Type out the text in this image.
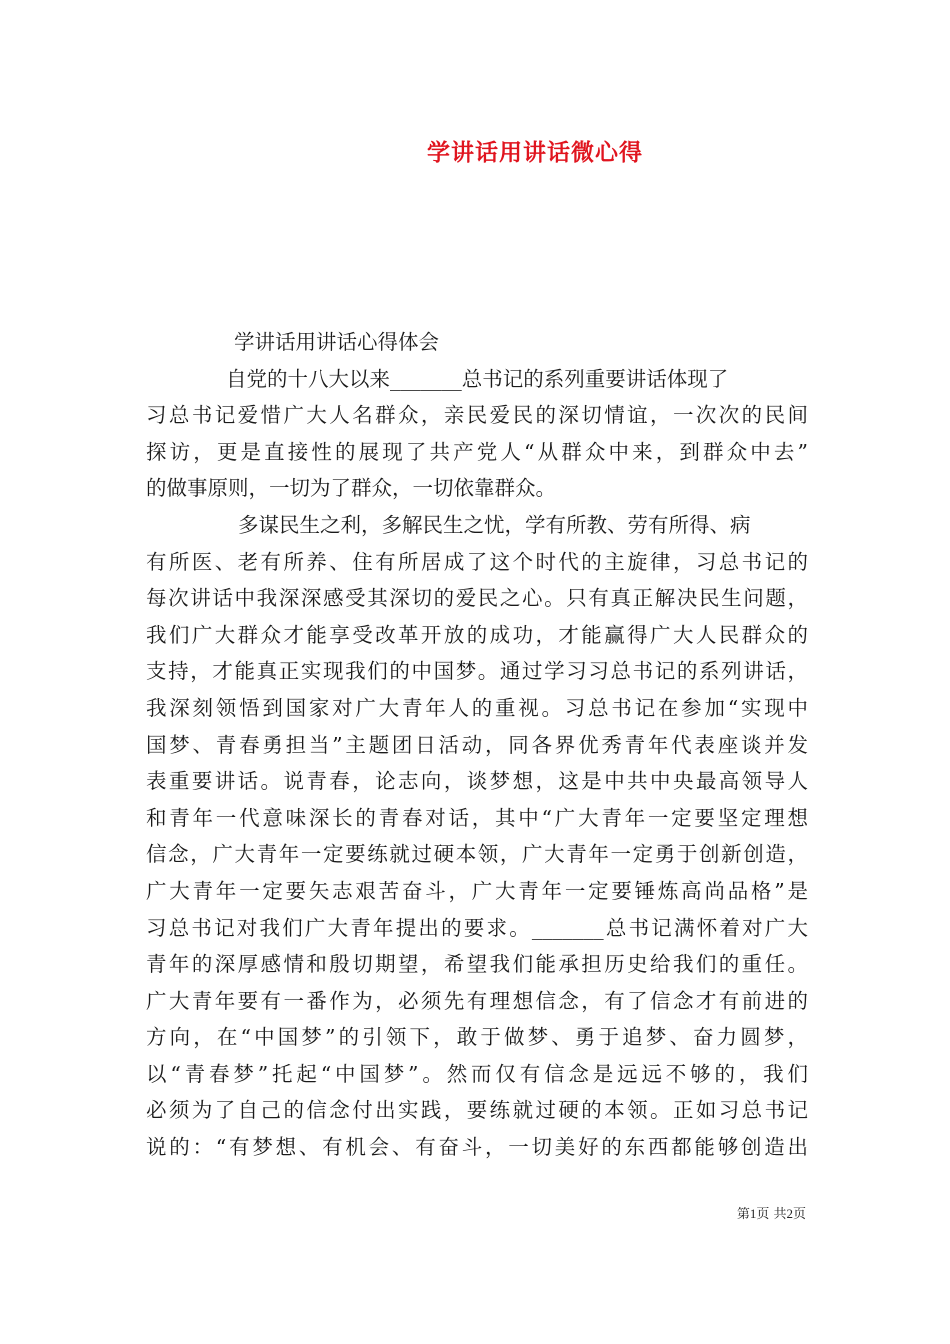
学讲话用讲话微心得
学讲话用讲话心得体会
自党的十八大以来_______总书记的系列重要讲话体现了
习总书记爱惜广大人名群众，亲民爱民的深切情谊，一次次的民间
探访，更是直接性的展现了共产党人“从群众中来，到群众中去”
的做事原则，一切为了群众，一切依靠群众。
多谋民生之利，多解民生之忧，学有所教、劳有所得、病
有所医、老有所养、住有所居成了这个时代的主旋律，习总书记的
每次讲话中我深深感受其深切的爱民之心。只有真正解决民生问题，
我们广大群众才能享受改革开放的成功，才能赢得广大人民群众的
支持，才能真正实现我们的中国梦。通过学习习总书记的系列讲话，
我深刻领悟到国家对广大青年人的重视。习总书记在参加“实现中
国梦、青春勇担当”主题团日活动，同各界优秀青年代表座谈并发
表重要讲话。说青春，论志向，谈梦想，这是中共中央最高领导人
和青年一代意味深长的青春对话，其中“广大青年一定要坚定理想
信念，广大青年一定要练就过硬本领，广大青年一定勇于创新创造，
广大青年一定要矢志艰苦奋斗，广大青年一定要锤炼高尚品格”是
习总书记对我们广大青年提出的要求。_______总书记满怀着对广大
青年的深厚感情和殷切期望，希望我们能承担历史给我们的重任。
广大青年要有一番作为，必须先有理想信念，有了信念才有前进的
方向，在“中国梦”的引领下，敢于做梦、勇于追梦、奋力圆梦，
以“青春梦”托起“中国梦”。然而仅有信念是远远不够的，我们
必须为了自己的信念付出实践，要练就过硬的本领。正如习总书记
说的：“有梦想、有机会、有奋斗，一切美好的东西都能够创造出
第1页 共2页
